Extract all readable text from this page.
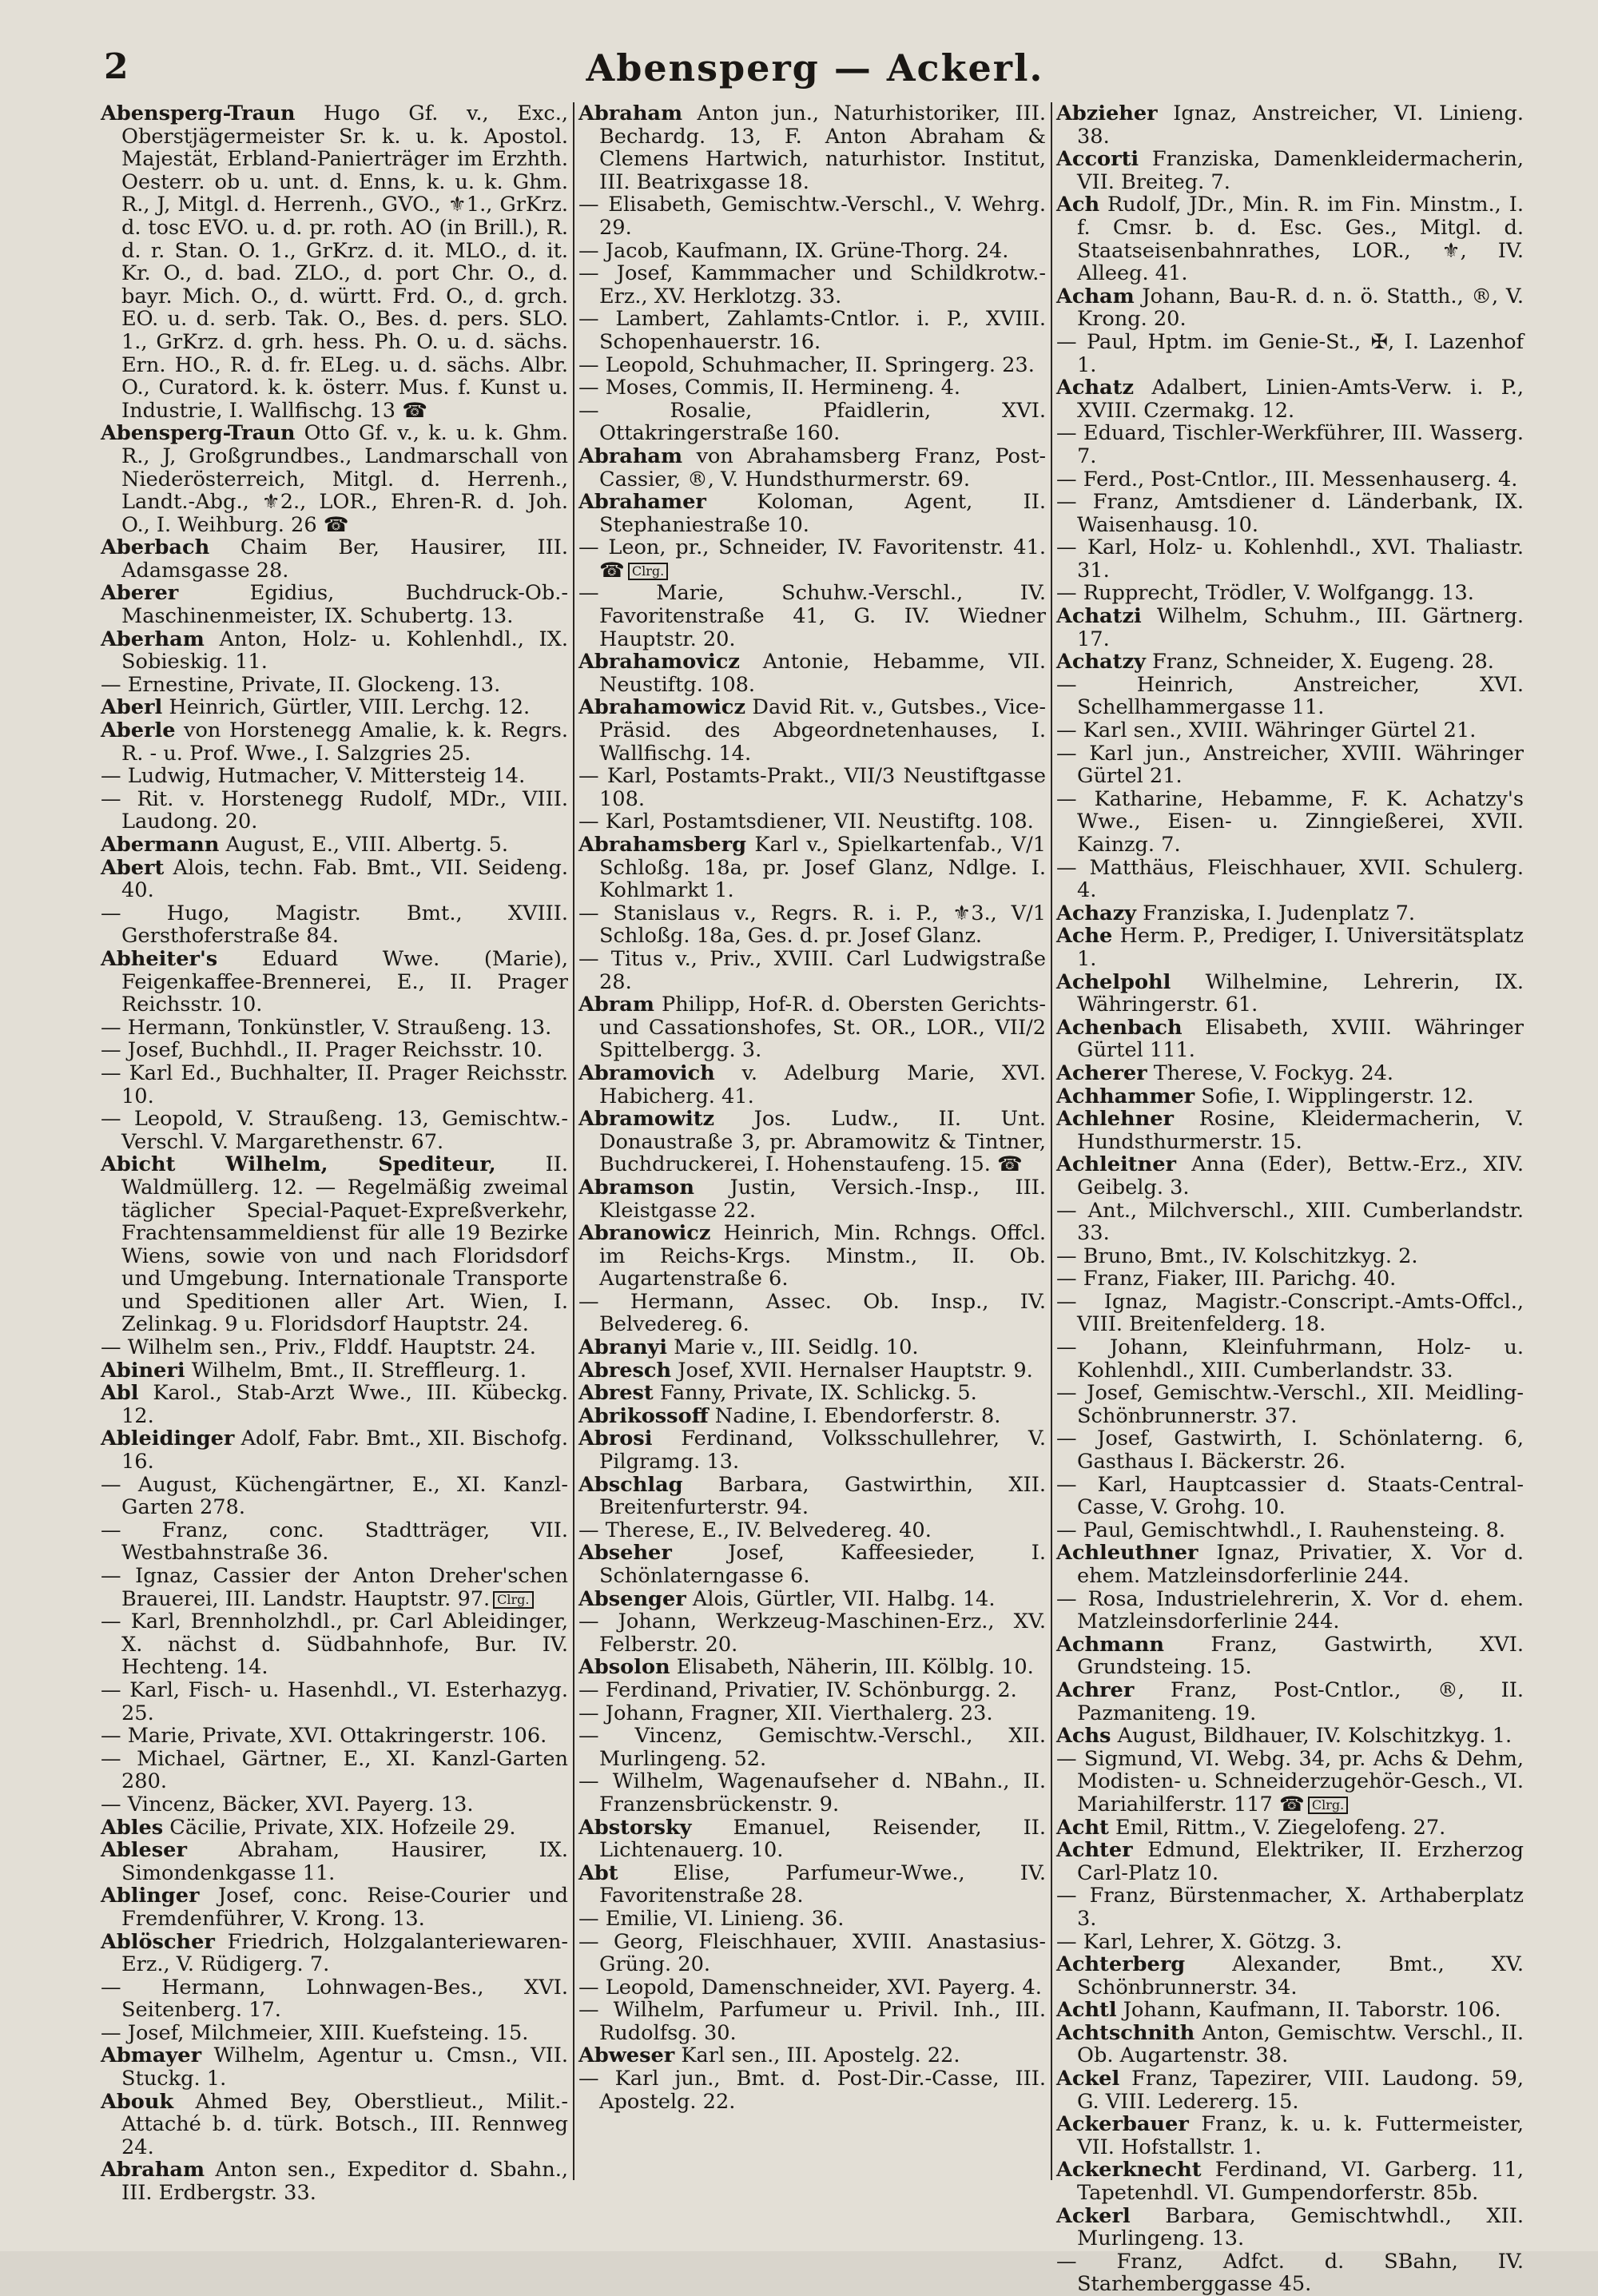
2	Abensperg — Ackerl.
Abensperg-Traun Hugo Gf. v., Exc., Oberstjägermeister Sr. k. u. k. Apostol. Majestät, Erbland-Panierträger im Erzhth. Oesterr. ob u. unt. d. Enns, k. u. k. Ghm. R., J, Mitgl. d. Herrenh., GVO., ⚜1., GrKrz. d. tosc EVO. u. d. pr. roth. AO (in Brill.), R. d. r. Stan. O. 1., GrKrz. d. it. MLO., d. it. Kr. O., d. bad. ZLO., d. port Chr. O., d. bayr. Mich. O., d. württ. Frd. O., d. grch. EO. u. d. serb. Tak. O., Bes. d. pers. SLO. 1., GrKrz. d. grh. hess. Ph. O. u. d. sächs. Ern. HO., R. d. fr. ELeg. u. d. sächs. Albr. O., Curatord. k. k. österr. Mus. f. Kunst u. Industrie, I. Wallfischg. 13 ☎
Abensperg-Traun Otto Gf. v., k. u. k. Ghm. R., J, Großgrundbes., Landmarschall von Niederösterreich, Mitgl. d. Herrenh., Landt.-Abg., ⚜2., LOR., Ehren-R. d. Joh. O., I. Weihburg. 26 ☎
Aberbach Chaim Ber, Hausirer, III. Adamsgasse 28.
Aberer Egidius, Buchdruck-Ob.-Maschinenmeister, IX. Schubertg. 13.
Aberham Anton, Holz- u. Kohlenhdl., IX. Sobieskig. 11.
— Ernestine, Private, II. Glockeng. 13.
Aberl Heinrich, Gürtler, VIII. Lerchg. 12.
Aberle von Horstenegg Amalie, k. k. Regrs. R. - u. Prof. Wwe., I. Salzgries 25.
— Ludwig, Hutmacher, V. Mittersteig 14.
— Rit. v. Horstenegg Rudolf, MDr., VIII. Laudong. 20.
Abermann August, E., VIII. Albertg. 5.
Abert Alois, techn. Fab. Bmt., VII. Seideng. 40.
— Hugo, Magistr. Bmt., XVIII. Gersthoferstraße 84.
Abheiter's Eduard Wwe. (Marie), Feigenkaffee-Brennerei, E., II. Prager Reichsstr. 10.
— Hermann, Tonkünstler, V. Straußeng. 13.
— Josef, Buchhdl., II. Prager Reichsstr. 10.
— Karl Ed., Buchhalter, II. Prager Reichsstr. 10.
— Leopold, V. Straußeng. 13, Gemischtw.-Verschl. V. Margarethenstr. 67.
Abicht Wilhelm, Spediteur, II. Waldmüllerg. 12. — Regelmäßig zweimal täglicher Special-Paquet-Expreßverkehr, Frachtensammeldienst für alle 19 Bezirke Wiens, sowie von und nach Floridsdorf und Umgebung. Internationale Transporte und Speditionen aller Art. Wien, I. Zelinkag. 9 u. Floridsdorf Hauptstr. 24.
— Wilhelm sen., Priv., Flddf. Hauptstr. 24.
Abineri Wilhelm, Bmt., II. Streffleurg. 1.
Abl Karol., Stab-Arzt Wwe., III. Kübeckg. 12.
Ableidinger Adolf, Fabr. Bmt., XII. Bischofg. 16.
— August, Küchengärtner, E., XI. Kanzl-Garten 278.
— Franz, conc. Stadtträger, VII. Westbahnstraße 36.
— Ignaz, Cassier der Anton Dreher'schen Brauerei, III. Landstr. Hauptstr. 97. Clrg.
— Karl, Brennholzhdl., pr. Carl Ableidinger, X. nächst d. Südbahnhofe, Bur. IV. Hechteng. 14.
— Karl, Fisch- u. Hasenhdl., VI. Esterhazyg. 25.
— Marie, Private, XVI. Ottakringerstr. 106.
— Michael, Gärtner, E., XI. Kanzl-Garten 280.
— Vincenz, Bäcker, XVI. Payerg. 13.
Ables Cäcilie, Private, XIX. Hofzeile 29.
Ableser Abraham, Hausirer, IX. Simondenkgasse 11.
Ablinger Josef, conc. Reise-Courier und Fremdenführer, V. Krong. 13.
Ablöscher Friedrich, Holzgalanteriewaren-Erz., V. Rüdigerg. 7.
— Hermann, Lohnwagen-Bes., XVI. Seitenberg. 17.
— Josef, Milchmeier, XIII. Kuefsteing. 15.
Abmayer Wilhelm, Agentur u. Cmsn., VII. Stuckg. 1.
Abouk Ahmed Bey, Oberstlieut., Milit.-Attaché b. d. türk. Botsch., III. Rennweg 24.
Abraham Anton sen., Expeditor d. Sbahn., III. Erdbergstr. 33.
Abraham Anton jun., Naturhistoriker, III. Bechardg. 13, F. Anton Abraham & Clemens Hartwich, naturhistor. Institut, III. Beatrixgasse 18.
— Elisabeth, Gemischtw.-Verschl., V. Wehrg. 29.
— Jacob, Kaufmann, IX. Grüne-Thorg. 24.
— Josef, Kammmacher und Schildkrotw.-Erz., XV. Herklotzg. 33.
— Lambert, Zahlamts-Cntlor. i. P., XVIII. Schopenhauerstr. 16.
— Leopold, Schuhmacher, II. Springerg. 23.
— Moses, Commis, II. Hermineng. 4.
— Rosalie, Pfaidlerin, XVI. Ottakringerstraße 160.
Abraham von Abrahamsberg Franz, Post-Cassier, ®, V. Hundsthurmerstr. 69.
Abrahamer Koloman, Agent, II. Stephaniestraße 10.
— Leon, pr., Schneider, IV. Favoritenstr. 41. ☎ Clrg.
— Marie, Schuhw.-Verschl., IV. Favoritenstraße 41, G. IV. Wiedner Hauptstr. 20.
Abrahamovicz Antonie, Hebamme, VII. Neustiftg. 108.
Abrahamowicz David Rit. v., Gutsbes., Vice-Präsid. des Abgeordnetenhauses, I. Wallfischg. 14.
— Karl, Postamts-Prakt., VII/3 Neustiftgasse 108.
— Karl, Postamtsdiener, VII. Neustiftg. 108.
Abrahamsberg Karl v., Spielkartenfab., V/1 Schloßg. 18a, pr. Josef Glanz, Ndlge. I. Kohlmarkt 1.
— Stanislaus v., Regrs. R. i. P., ⚜3., V/1 Schloßg. 18a, Ges. d. pr. Josef Glanz.
— Titus v., Priv., XVIII. Carl Ludwigstraße 28.
Abram Philipp, Hof-R. d. Obersten Gerichts- und Cassationshofes, St. OR., LOR., VII/2 Spittelbergg. 3.
Abramovich v. Adelburg Marie, XVI. Habicherg. 41.
Abramowitz Jos. Ludw., II. Unt. Donaustraße 3, pr. Abramowitz & Tintner, Buchdruckerei, I. Hohenstaufeng. 15. ☎
Abramson Justin, Versich.-Insp., III. Kleistgasse 22.
Abranowicz Heinrich, Min. Rchngs. Offcl. im Reichs-Krgs. Minstm., II. Ob. Augartenstraße 6.
— Hermann, Assec. Ob. Insp., IV. Belvedereg. 6.
Abranyi Marie v., III. Seidlg. 10.
Abresch Josef, XVII. Hernalser Hauptstr. 9.
Abrest Fanny, Private, IX. Schlickg. 5.
Abrikossoff Nadine, I. Ebendorferstr. 8.
Abrosi Ferdinand, Volksschullehrer, V. Pilgramg. 13.
Abschlag Barbara, Gastwirthin, XII. Breitenfurterstr. 94.
— Therese, E., IV. Belvedereg. 40.
Abseher Josef, Kaffeesieder, I. Schönlaterngasse 6.
Absenger Alois, Gürtler, VII. Halbg. 14.
— Johann, Werkzeug-Maschinen-Erz., XV. Felberstr. 20.
Absolon Elisabeth, Näherin, III. Kölblg. 10.
— Ferdinand, Privatier, IV. Schönburgg. 2.
— Johann, Fragner, XII. Vierthalerg. 23.
— Vincenz, Gemischtw.-Verschl., XII. Murlingeng. 52.
— Wilhelm, Wagenaufseher d. NBahn., II. Franzensbrückenstr. 9.
Abstorsky Emanuel, Reisender, II. Lichtenauerg. 10.
Abt Elise, Parfumeur-Wwe., IV. Favoritenstraße 28.
— Emilie, VI. Linieng. 36.
— Georg, Fleischhauer, XVIII. Anastasius-Grüng. 20.
— Leopold, Damenschneider, XVI. Payerg. 4.
— Wilhelm, Parfumeur u. Privil. Inh., III. Rudolfsg. 30.
Abweser Karl sen., III. Apostelg. 22.
— Karl jun., Bmt. d. Post-Dir.-Casse, III. Apostelg. 22.
Abzieher Ignaz, Anstreicher, VI. Linieng. 38.
Accorti Franziska, Damenkleidermacherin, VII. Breiteg. 7.
Ach Rudolf, JDr., Min. R. im Fin. Minstm., I. f. Cmsr. b. d. Esc. Ges., Mitgl. d. Staatseisenbahnrathes, LOR., ⚜, IV. Alleeg. 41.
Acham Johann, Bau-R. d. n. ö. Statth., ®, V. Krong. 20.
— Paul, Hptm. im Genie-St., ✠, I. Lazenhof 1.
Achatz Adalbert, Linien-Amts-Verw. i. P., XVIII. Czermakg. 12.
— Eduard, Tischler-Werkführer, III. Wasserg. 7.
— Ferd., Post-Cntlor., III. Messenhauserg. 4.
— Franz, Amtsdiener d. Länderbank, IX. Waisenhausg. 10.
— Karl, Holz- u. Kohlenhdl., XVI. Thaliastr. 31.
— Rupprecht, Trödler, V. Wolfgangg. 13.
Achatzi Wilhelm, Schuhm., III. Gärtnerg. 17.
Achatzy Franz, Schneider, X. Eugeng. 28.
— Heinrich, Anstreicher, XVI. Schellhammergasse 11.
— Karl sen., XVIII. Währinger Gürtel 21.
— Karl jun., Anstreicher, XVIII. Währinger Gürtel 21.
— Katharine, Hebamme, F. K. Achatzy's Wwe., Eisen- u. Zinngießerei, XVII. Kainzg. 7.
— Matthäus, Fleischhauer, XVII. Schulerg. 4.
Achazy Franziska, I. Judenplatz 7.
Ache Herm. P., Prediger, I. Universitätsplatz 1.
Achelpohl Wilhelmine, Lehrerin, IX. Währingerstr. 61.
Achenbach Elisabeth, XVIII. Währinger Gürtel 111.
Acherer Therese, V. Fockyg. 24.
Achhammer Sofie, I. Wipplingerstr. 12.
Achlehner Rosine, Kleidermacherin, V. Hundsthurmerstr. 15.
Achleitner Anna (Eder), Bettw.-Erz., XIV. Geibelg. 3.
— Ant., Milchverschl., XIII. Cumberlandstr. 33.
— Bruno, Bmt., IV. Kolschitzkyg. 2.
— Franz, Fiaker, III. Parichg. 40.
— Ignaz, Magistr.-Conscript.-Amts-Offcl., VIII. Breitenfelderg. 18.
— Johann, Kleinfuhrmann, Holz- u. Kohlenhdl., XIII. Cumberlandstr. 33.
— Josef, Gemischtw.-Verschl., XII. Meidling-Schönbrunnerstr. 37.
— Josef, Gastwirth, I. Schönlaterng. 6, Gasthaus I. Bäckerstr. 26.
— Karl, Hauptcassier d. Staats-Central-Casse, V. Grohg. 10.
— Paul, Gemischtwhdl., I. Rauhensteing. 8.
Achleuthner Ignaz, Privatier, X. Vor d. ehem. Matzleinsdorferlinie 244.
— Rosa, Industrielehrerin, X. Vor d. ehem. Matzleinsdorferlinie 244.
Achmann Franz, Gastwirth, XVI. Grundsteing. 15.
Achrer Franz, Post-Cntlor., ®, II. Pazmaniteng. 19.
Achs August, Bildhauer, IV. Kolschitzkyg. 1.
— Sigmund, VI. Webg. 34, pr. Achs & Dehm, Modisten- u. Schneiderzugehör-Gesch., VI. Mariahilferstr. 117 ☎ Clrg.
Acht Emil, Rittm., V. Ziegelofeng. 27.
Achter Edmund, Elektriker, II. Erzherzog Carl-Platz 10.
— Franz, Bürstenmacher, X. Arthaberplatz 3.
— Karl, Lehrer, X. Götzg. 3.
Achterberg Alexander, Bmt., XV. Schönbrunnerstr. 34.
Achtl Johann, Kaufmann, II. Taborstr. 106.
Achtschnith Anton, Gemischtw. Verschl., II. Ob. Augartenstr. 38.
Ackel Franz, Tapezirer, VIII. Laudong. 59, G. VIII. Ledererg. 15.
Ackerbauer Franz, k. u. k. Futtermeister, VII. Hofstallstr. 1.
Ackerknecht Ferdinand, VI. Garberg. 11, Tapetenhdl. VI. Gumpendorferstr. 85b.
Ackerl Barbara, Gemischtwhdl., XII. Murlingeng. 13.
— Franz, Adfct. d. SBahn, IV. Starhemberggasse 45.
